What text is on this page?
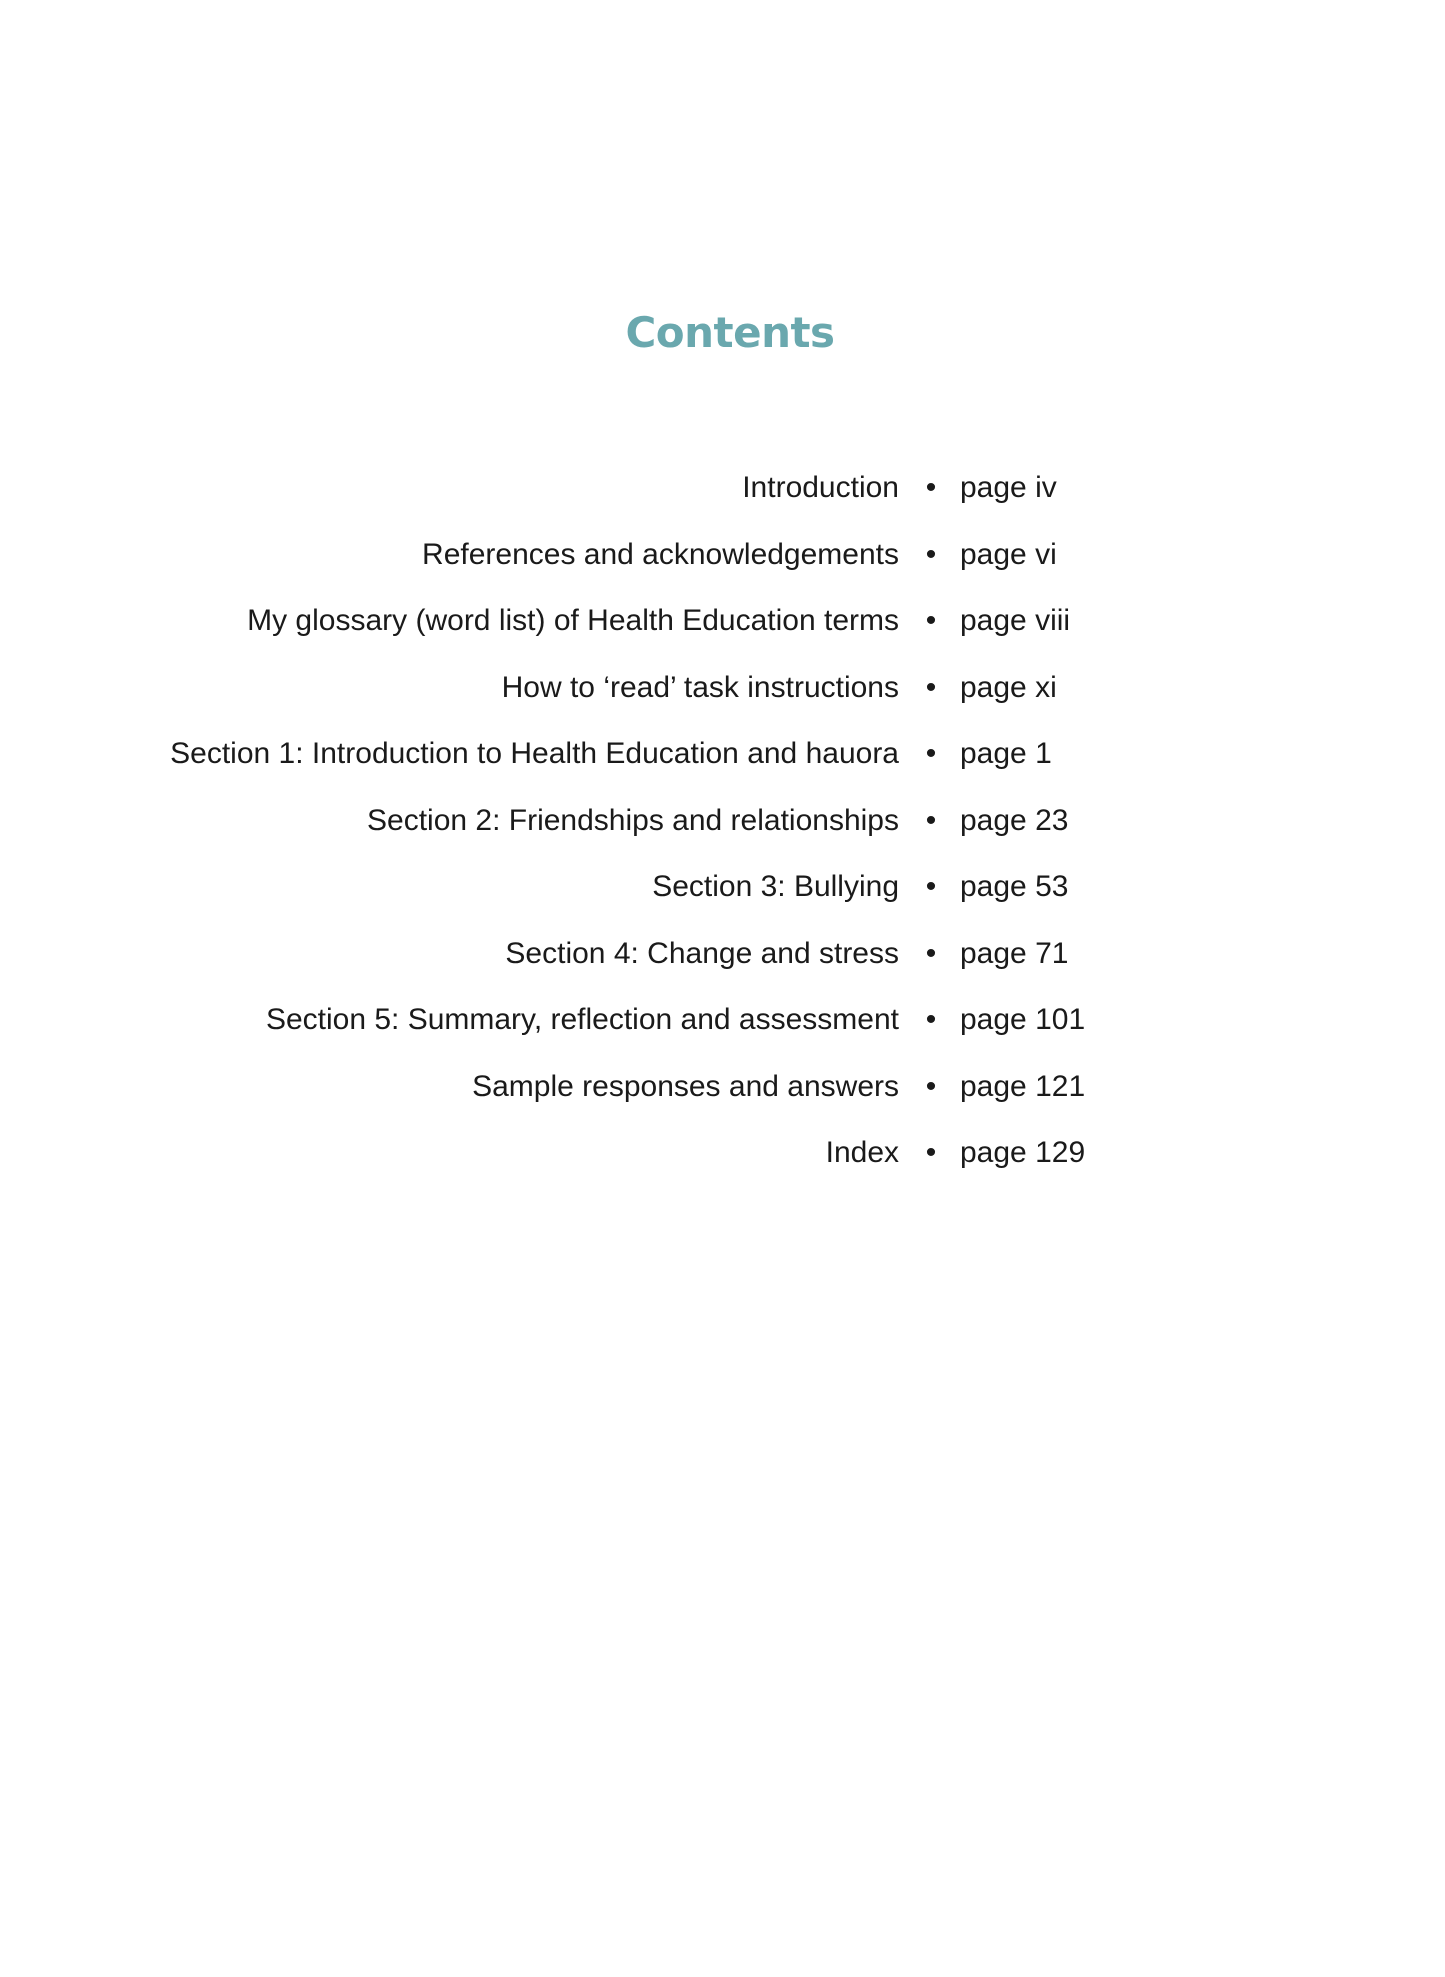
Contents
Introduction • page iv
References and acknowledgements • page vi
My glossary (word list) of Health Education terms • page viii
How to ‘read’ task instructions • page xi
Section 1: Introduction to Health Education and hauora • page 1
Section 2: Friendships and relationships • page 23
Section 3: Bullying • page 53
Section 4: Change and stress • page 71
Section 5: Summary, reflection and assessment • page 101
Sample responses and answers • page 121
Index • page 129
